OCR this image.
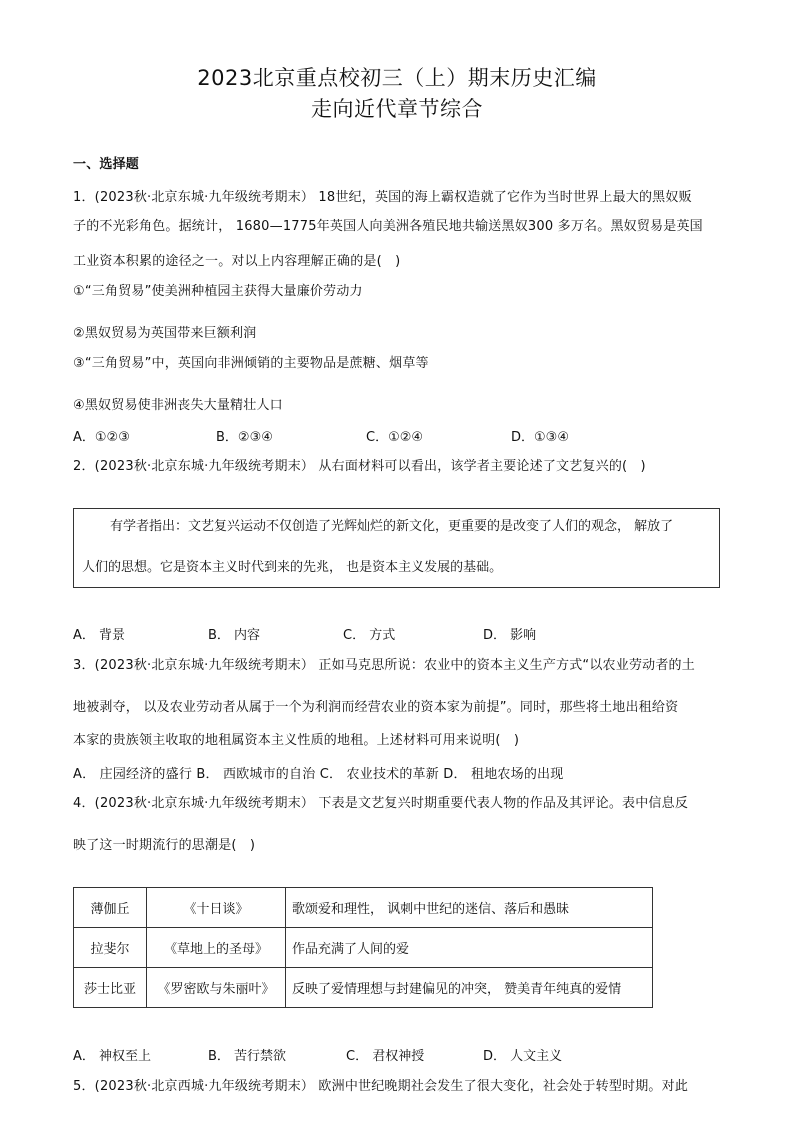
2023北京重点校初三（上）期末历史汇编
走向近代章节综合
一、选择题
1．(2023秋·北京东城·九年级统考期末） 18世纪，英国的海上霸权造就了它作为当时世界上最大的黑奴贩
子的不光彩角色。据统计， 1680—1775年英国人向美洲各殖民地共输送黑奴300 多万名。黑奴贸易是英国
工业资本积累的途径之一。对以上内容理解正确的是(　)
①“三角贸易”使美洲种植园主获得大量廉价劳动力
②黑奴贸易为英国带来巨额利润
③“三角贸易”中，英国向非洲倾销的主要物品是蔗糖、烟草等
④黑奴贸易使非洲丧失大量精壮人口
A．①②③	B．②③④	C．①②④	D．①③④
2．(2023秋·北京东城·九年级统考期末） 从右面材料可以看出，该学者主要论述了文艺复兴的(　)
有学者指出：文艺复兴运动不仅创造了光辉灿烂的新文化，更重要的是改变了人们的观念， 解放了
人们的思想。它是资本主义时代到来的先兆， 也是资本主义发展的基础。
A． 背景	B． 内容	C． 方式	D． 影响
3．(2023秋·北京东城·九年级统考期末） 正如马克思所说：农业中的资本主义生产方式“以农业劳动者的土
地被剥夺， 以及农业劳动者从属于一个为利润而经营农业的资本家为前提”。同时，那些将土地出租给资
本家的贵族领主收取的地租属资本主义性质的地租。上述材料可用来说明(　)
A． 庄园经济的盛行 B． 西欧城市的自治 C． 农业技术的革新 D． 租地农场的出现
4．(2023秋·北京东城·九年级统考期末） 下表是文艺复兴时期重要代表人物的作品及其评论。表中信息反
映了这一时期流行的思潮是(　)
薄伽丘	《十日谈》	歌颂爱和理性， 讽刺中世纪的迷信、落后和愚昧
拉斐尔	《草地上的圣母》	作品充满了人间的爱
莎士比亚	《罗密欧与朱丽叶》	反映了爱情理想与封建偏见的冲突， 赞美青年纯真的爱情
A． 神权至上	B． 苦行禁欲	C． 君权神授	D． 人文主义
5．(2023秋·北京西城·九年级统考期末） 欧洲中世纪晚期社会发生了很大变化，社会处于转型时期。对此
